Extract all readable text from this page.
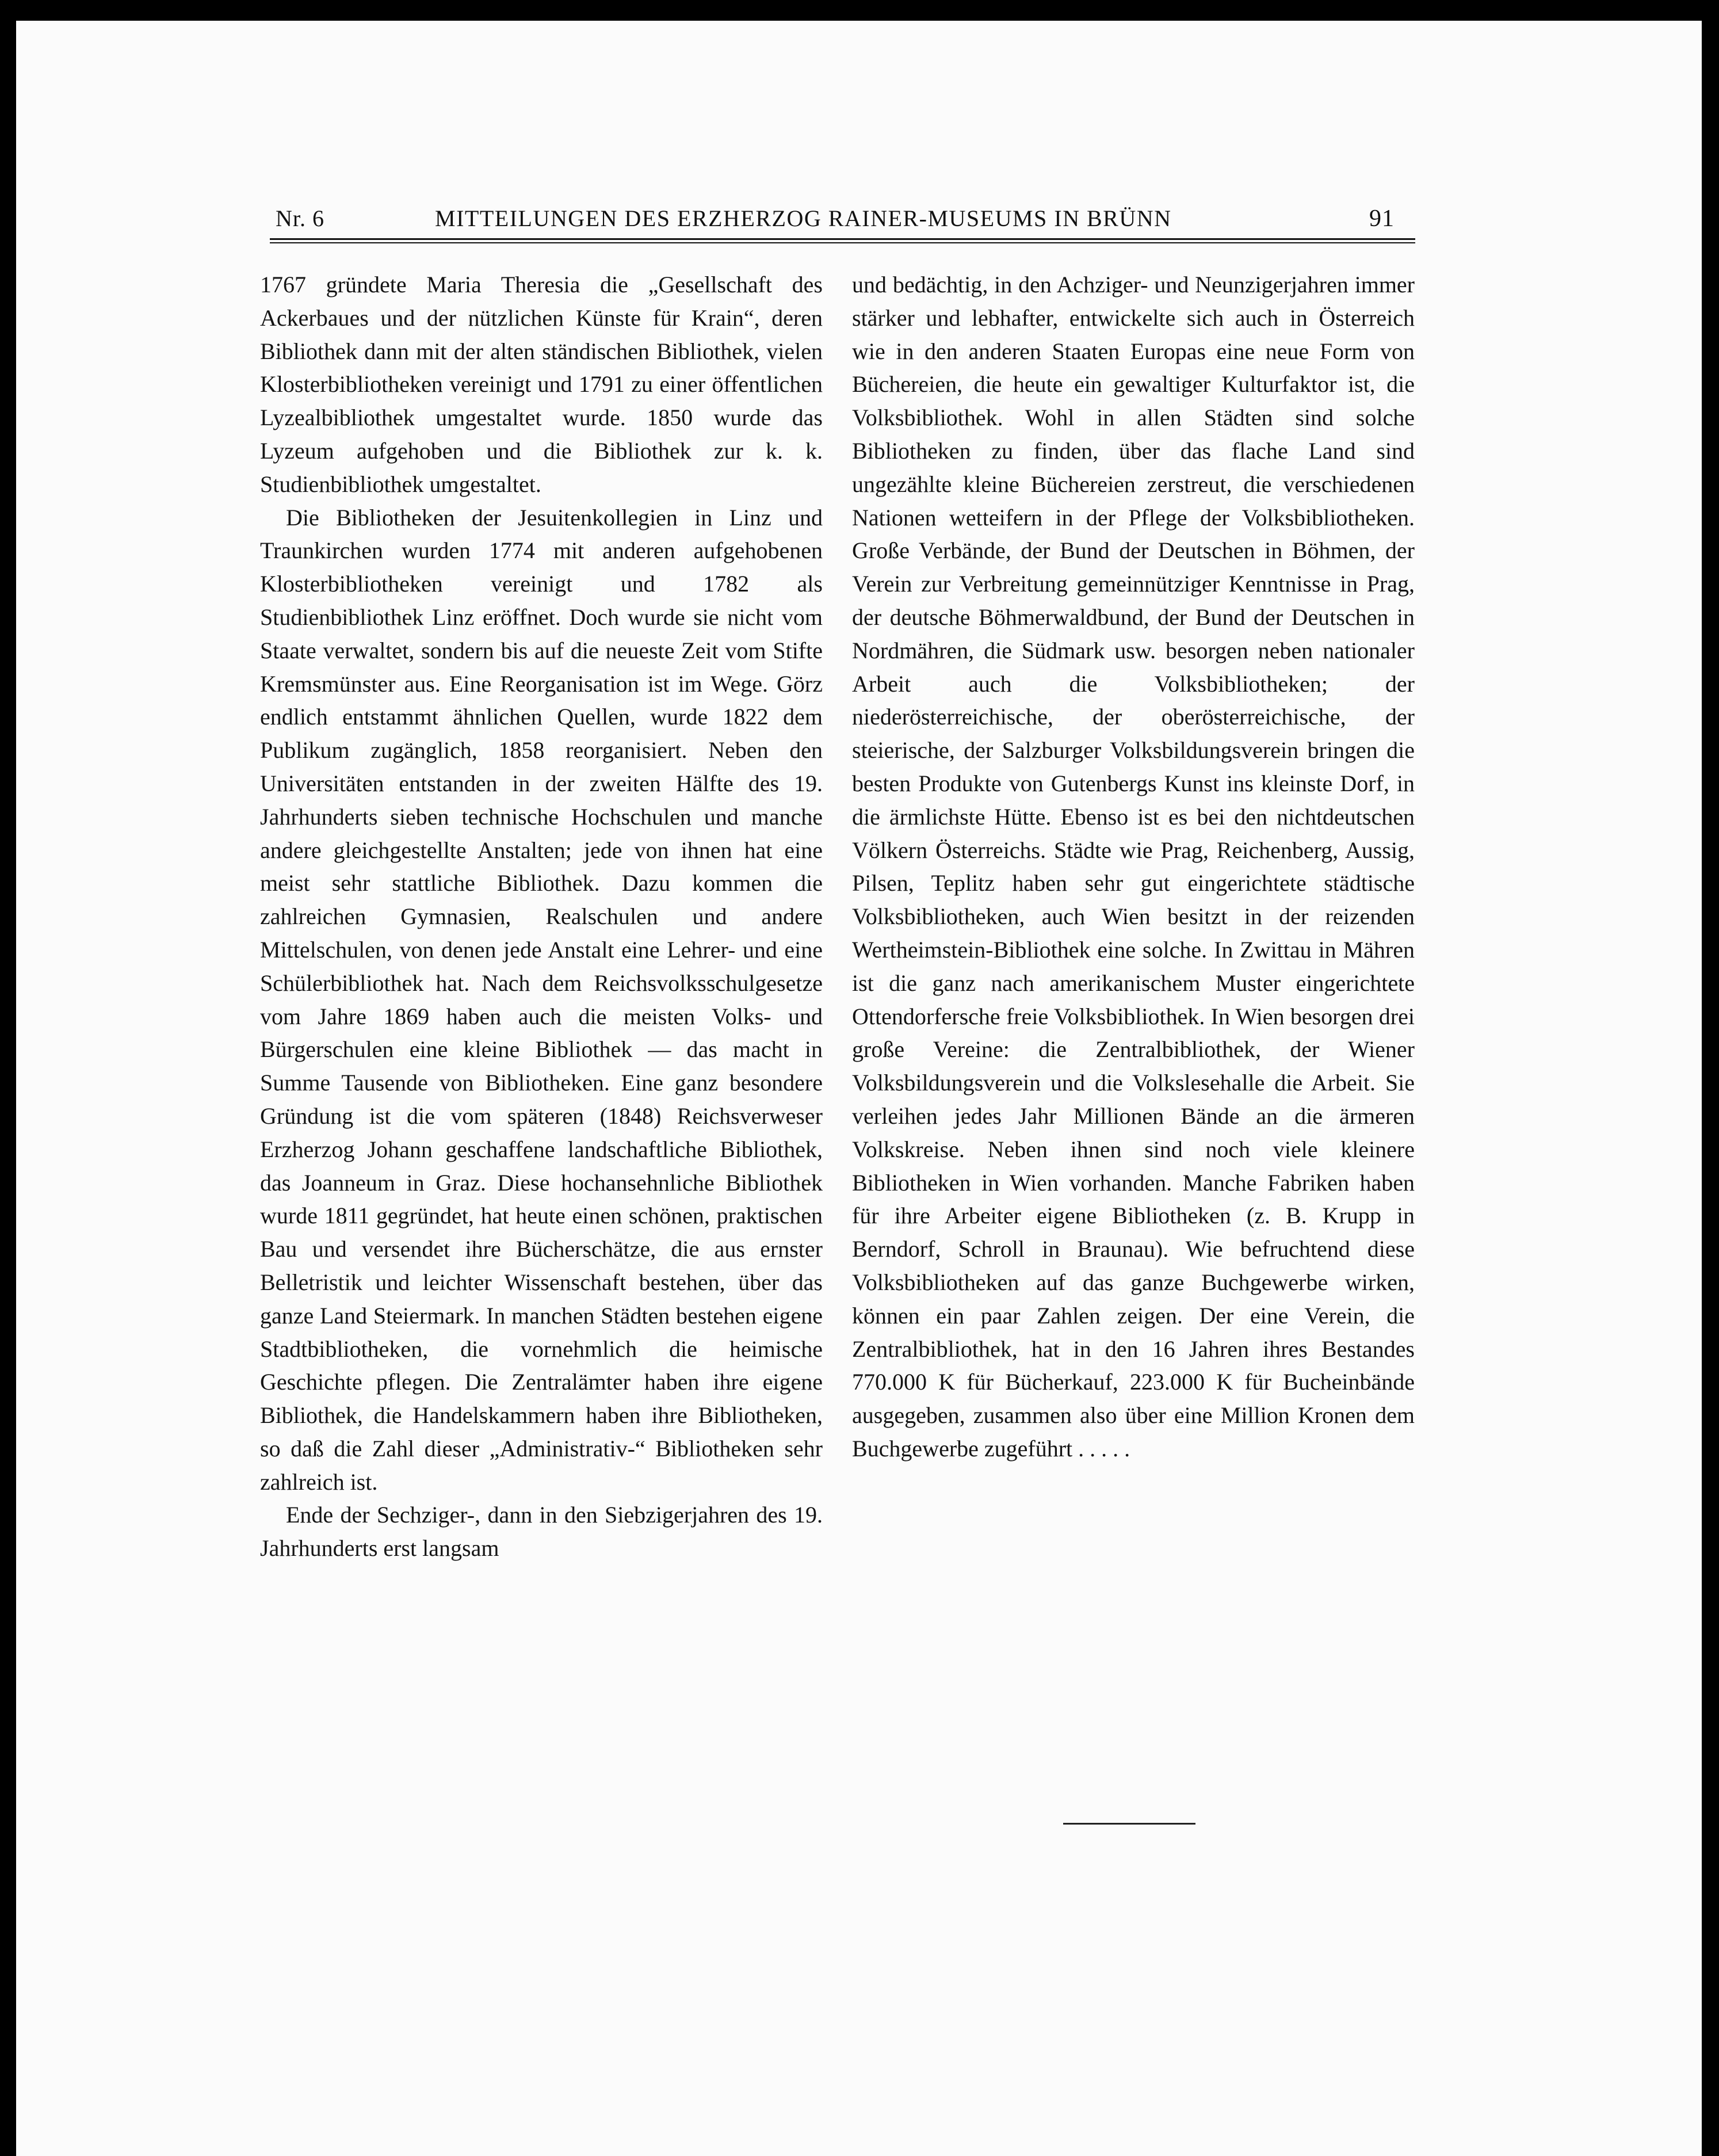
Nr. 6	MITTEILUNGEN DES ERZHERZOG RAINER-MUSEUMS IN BRÜNN	91

1767 gründete Maria Theresia die „Gesellschaft des Ackerbaues und der nützlichen Künste für Krain“, deren Bibliothek dann mit der alten ständischen Bibliothek, vielen Klosterbibliotheken vereinigt und 1791 zu einer öffentlichen Lyzealbibliothek umgestaltet wurde. 1850 wurde das Lyzeum aufgehoben und die Bibliothek zur k. k. Studienbibliothek umgestaltet.

Die Bibliotheken der Jesuitenkollegien in Linz und Traunkirchen wurden 1774 mit anderen aufgehobenen Klosterbibliotheken vereinigt und 1782 als Studienbibliothek Linz eröffnet. Doch wurde sie nicht vom Staate verwaltet, sondern bis auf die neueste Zeit vom Stifte Kremsmünster aus. Eine Reorganisation ist im Wege. Görz endlich entstammt ähnlichen Quellen, wurde 1822 dem Publikum zugänglich, 1858 reorganisiert. Neben den Universitäten entstanden in der zweiten Hälfte des 19. Jahrhunderts sieben technische Hochschulen und manche andere gleichgestellte Anstalten; jede von ihnen hat eine meist sehr stattliche Bibliothek. Dazu kommen die zahlreichen Gymnasien, Realschulen und andere Mittelschulen, von denen jede Anstalt eine Lehrer- und eine Schülerbibliothek hat. Nach dem Reichsvolksschulgesetze vom Jahre 1869 haben auch die meisten Volks- und Bürgerschulen eine kleine Bibliothek — das macht in Summe Tausende von Bibliotheken. Eine ganz besondere Gründung ist die vom späteren (1848) Reichsverweser Erzherzog Johann geschaffene landschaftliche Bibliothek, das Joanneum in Graz. Diese hochansehnliche Bibliothek wurde 1811 gegründet, hat heute einen schönen, praktischen Bau und versendet ihre Bücherschätze, die aus ernster Belletristik und leichter Wissenschaft bestehen, über das ganze Land Steiermark. In manchen Städten bestehen eigene Stadtbibliotheken, die vornehmlich die heimische Geschichte pflegen. Die Zentralämter haben ihre eigene Bibliothek, die Handelskammern haben ihre Bibliotheken, so daß die Zahl dieser „Administrativ-“ Bibliotheken sehr zahlreich ist.

Ende der Sechziger-, dann in den Siebzigerjahren des 19. Jahrhunderts erst langsam

und bedächtig, in den Achziger- und Neunzigerjahren immer stärker und lebhafter, entwickelte sich auch in Österreich wie in den anderen Staaten Europas eine neue Form von Büchereien, die heute ein gewaltiger Kulturfaktor ist, die Volksbibliothek. Wohl in allen Städten sind solche Bibliotheken zu finden, über das flache Land sind ungezählte kleine Büchereien zerstreut, die verschiedenen Nationen wetteifern in der Pflege der Volksbibliotheken. Große Verbände, der Bund der Deutschen in Böhmen, der Verein zur Verbreitung gemeinnütziger Kenntnisse in Prag, der deutsche Böhmerwaldbund, der Bund der Deutschen in Nordmähren, die Südmark usw. besorgen neben nationaler Arbeit auch die Volksbibliotheken; der niederösterreichische, der oberösterreichische, der steierische, der Salzburger Volksbildungsverein bringen die besten Produkte von Gutenbergs Kunst ins kleinste Dorf, in die ärmlichste Hütte. Ebenso ist es bei den nichtdeutschen Völkern Österreichs. Städte wie Prag, Reichenberg, Aussig, Pilsen, Teplitz haben sehr gut eingerichtete städtische Volksbibliotheken, auch Wien besitzt in der reizenden Wertheimstein-Bibliothek eine solche. In Zwittau in Mähren ist die ganz nach amerikanischem Muster eingerichtete Ottendorfersche freie Volksbibliothek. In Wien besorgen drei große Vereine: die Zentralbibliothek, der Wiener Volksbildungsverein und die Volkslesehalle die Arbeit. Sie verleihen jedes Jahr Millionen Bände an die ärmeren Volkskreise. Neben ihnen sind noch viele kleinere Bibliotheken in Wien vorhanden. Manche Fabriken haben für ihre Arbeiter eigene Bibliotheken (z. B. Krupp in Berndorf, Schroll in Braunau). Wie befruchtend diese Volksbibliotheken auf das ganze Buchgewerbe wirken, können ein paar Zahlen zeigen. Der eine Verein, die Zentralbibliothek, hat in den 16 Jahren ihres Bestandes 770.000 K für Bücherkauf, 223.000 K für Bucheinbände ausgegeben, zusammen also über eine Million Kronen dem Buchgewerbe zugeführt . . . . .
